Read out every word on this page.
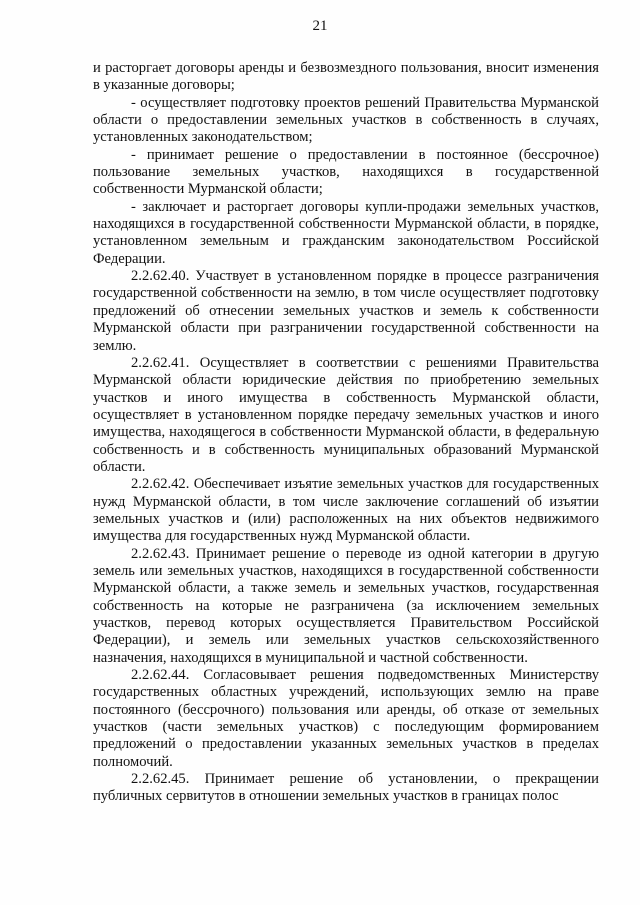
21

и расторгает договоры аренды и безвозмездного пользования, вносит изменения в указанные договоры;

- осуществляет подготовку проектов решений Правительства Мурманской области о предоставлении земельных участков в собственность в случаях, установленных законодательством;

- принимает решение о предоставлении в постоянное (бессрочное) пользование земельных участков, находящихся в государственной собственности Мурманской области;

- заключает и расторгает договоры купли-продажи земельных участков, находящихся в государственной собственности Мурманской области, в порядке, установленном земельным и гражданским законодательством Российской Федерации.

2.2.62.40. Участвует в установленном порядке в процессе разграничения государственной собственности на землю, в том числе осуществляет подготовку предложений об отнесении земельных участков и земель к собственности Мурманской области при разграничении государственной собственности на землю.

2.2.62.41. Осуществляет в соответствии с решениями Правительства Мурманской области юридические действия по приобретению земельных участков и иного имущества в собственность Мурманской области, осуществляет в установленном порядке передачу земельных участков и иного имущества, находящегося в собственности Мурманской области, в федеральную собственность и в собственность муниципальных образований Мурманской области.

2.2.62.42. Обеспечивает изъятие земельных участков для государственных нужд Мурманской области, в том числе заключение соглашений об изъятии земельных участков и (или) расположенных на них объектов недвижимого имущества для государственных нужд Мурманской области.

2.2.62.43. Принимает решение о переводе из одной категории в другую земель или земельных участков, находящихся в государственной собственности Мурманской области, а также земель и земельных участков, государственная собственность на которые не разграничена (за исключением земельных участков, перевод которых осуществляется Правительством Российской Федерации), и земель или земельных участков сельскохозяйственного назначения, находящихся в муниципальной и частной собственности.

2.2.62.44. Согласовывает решения подведомственных Министерству государственных областных учреждений, использующих землю на праве постоянного (бессрочного) пользования или аренды, об отказе от земельных участков (части земельных участков) с последующим формированием предложений о предоставлении указанных земельных участков в пределах полномочий.

2.2.62.45. Принимает решение об установлении, о прекращении публичных сервитутов в отношении земельных участков в границах полос
